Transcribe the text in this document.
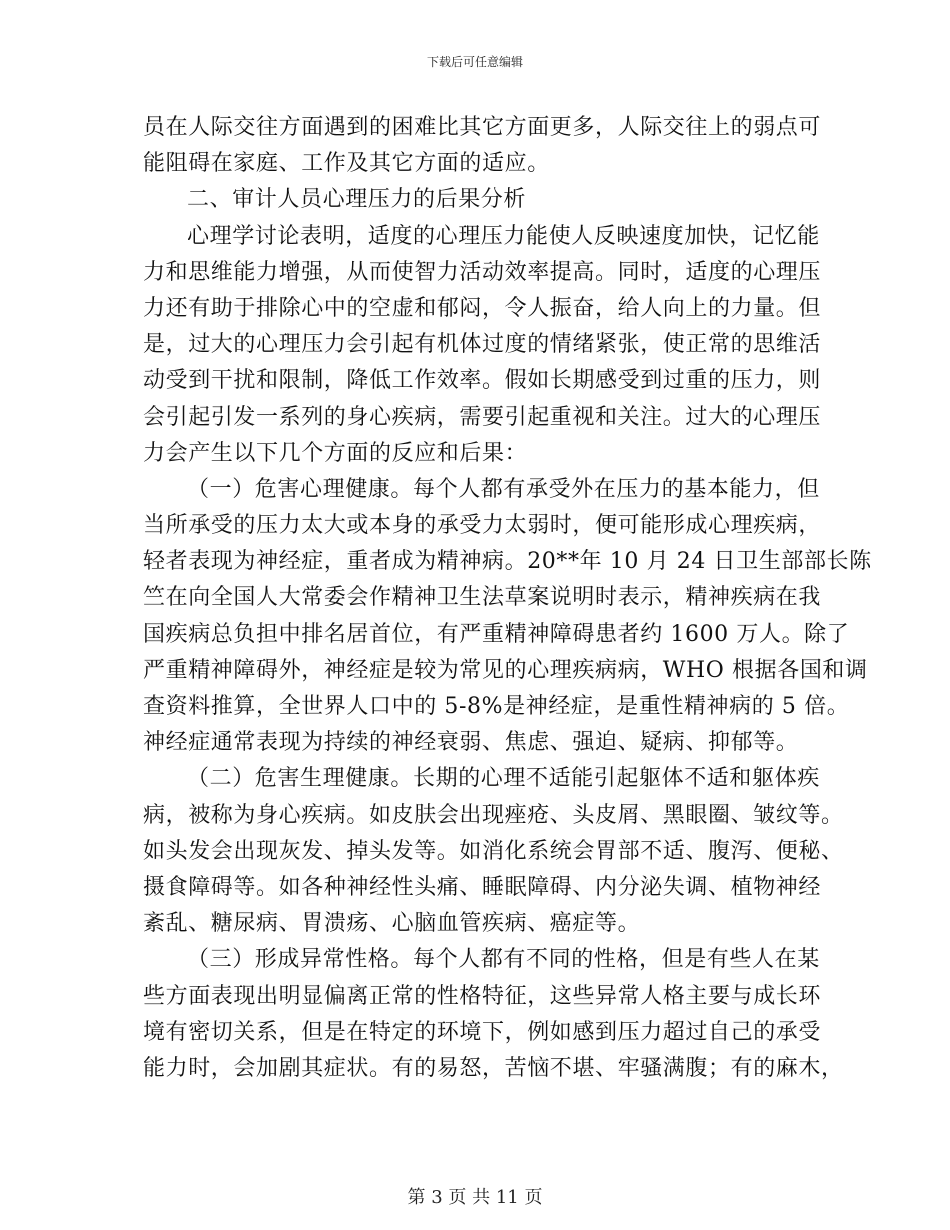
下载后可任意编辑
员在人际交往方面遇到的困难比其它方面更多，人际交往上的弱点可
能阻碍在家庭、工作及其它方面的适应。
二、审计人员心理压力的后果分析
心理学讨论表明，适度的心理压力能使人反映速度加快，记忆能
力和思维能力增强，从而使智力活动效率提高。同时，适度的心理压
力还有助于排除心中的空虚和郁闷，令人振奋，给人向上的力量。但
是，过大的心理压力会引起有机体过度的情绪紧张，使正常的思维活
动受到干扰和限制，降低工作效率。假如长期感受到过重的压力，则
会引起引发一系列的身心疾病，需要引起重视和关注。过大的心理压
力会产生以下几个方面的反应和后果：
（一）危害心理健康。每个人都有承受外在压力的基本能力，但
当所承受的压力太大或本身的承受力太弱时，便可能形成心理疾病，
轻者表现为神经症，重者成为精神病。20**年 10 月 24 日卫生部部长陈
竺在向全国人大常委会作精神卫生法草案说明时表示，精神疾病在我
国疾病总负担中排名居首位，有严重精神障碍患者约 1600 万人。除了
严重精神障碍外，神经症是较为常见的心理疾病病，WHO 根据各国和调
查资料推算，全世界人口中的 5-8%是神经症，是重性精神病的 5 倍。
神经症通常表现为持续的神经衰弱、焦虑、强迫、疑病、抑郁等。
（二）危害生理健康。长期的心理不适能引起躯体不适和躯体疾
病，被称为身心疾病。如皮肤会出现痤疮、头皮屑、黑眼圈、皱纹等。
如头发会出现灰发、掉头发等。如消化系统会胃部不适、腹泻、便秘、
摄食障碍等。如各种神经性头痛、睡眠障碍、内分泌失调、植物神经
紊乱、糖尿病、胃溃疡、心脑血管疾病、癌症等。
（三）形成异常性格。每个人都有不同的性格，但是有些人在某
些方面表现出明显偏离正常的性格特征，这些异常人格主要与成长环
境有密切关系，但是在特定的环境下，例如感到压力超过自己的承受
能力时，会加剧其症状。有的易怒，苦恼不堪、牢骚满腹；有的麻木，
第 3 页 共 11 页
